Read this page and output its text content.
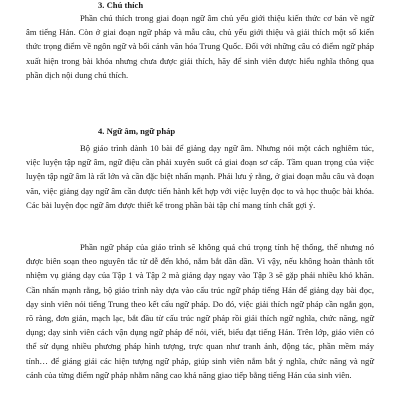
3. Chú thích

Phần chú thích trong giai đoạn ngữ âm chủ yếu giới thiệu kiến thức cơ bản về ngữ âm tiếng Hán. Còn ở giai đoạn ngữ pháp và mẫu câu, chủ yếu giới thiệu và giải thích một số kiến thức trọng điểm về ngôn ngữ và bối cảnh văn hóa Trung Quốc. Đối với những câu có điểm ngữ pháp xuất hiện trong bài khóa nhưng chưa được giải thích, hãy để sinh viên được hiểu nghĩa thông qua phần dịch nội dung chú thích.

4. Ngữ âm, ngữ pháp

Bộ giáo trình dành 10 bài để giảng dạy ngữ âm. Nhưng nói một cách nghiêm túc, việc luyện tập ngữ âm, ngữ điệu cần phải xuyên suốt cả giai đoạn sơ cấp. Tầm quan trọng của việc luyện tập ngữ âm là rất lớn và cần đặc biệt nhấn mạnh. Phải lưu ý rằng, ở giai đoạn mẫu câu và đoạn văn, việc giảng dạy ngữ âm cần được tiến hành kết hợp với việc luyện đọc to và học thuộc bài khóa. Các bài luyện đọc ngữ âm được thiết kế trong phần bài tập chỉ mang tính chất gợi ý.

Phần ngữ pháp của giáo trình sẽ không quá chú trọng tính hệ thống, thế nhưng nó được biên soạn theo nguyên tắc từ dễ đến khó, nắm bắt dần dần. Vì vậy, nếu không hoàn thành tốt nhiệm vụ giảng dạy của Tập 1 và Tập 2 mà giảng dạy ngay vào Tập 3 sẽ gặp phải nhiều khó khăn. Cần nhấn mạnh rằng, bộ giáo trình này dựa vào cấu trúc ngữ pháp tiếng Hán để giảng dạy bài đọc, dạy sinh viên nói tiếng Trung theo kết cấu ngữ pháp. Do đó, việc giải thích ngữ pháp cần ngắn gọn, rõ ràng, đơn giản, mạch lạc, bắt đầu từ cấu trúc ngữ pháp rồi giải thích ngữ nghĩa, chức năng, ngữ dụng; dạy sinh viên cách vận dụng ngữ pháp để nói, viết, biểu đạt tiếng Hán. Trên lớp, giáo viên có thể sử dụng nhiều phương pháp hình tượng, trực quan như tranh ảnh, động tác, phần mềm máy tính… để giảng giải các hiện tượng ngữ pháp, giúp sinh viên nắm bắt ý nghĩa, chức năng và ngữ cảnh của từng điểm ngữ pháp nhằm nâng cao khả năng giao tiếp bằng tiếng Hán của sinh viên.
